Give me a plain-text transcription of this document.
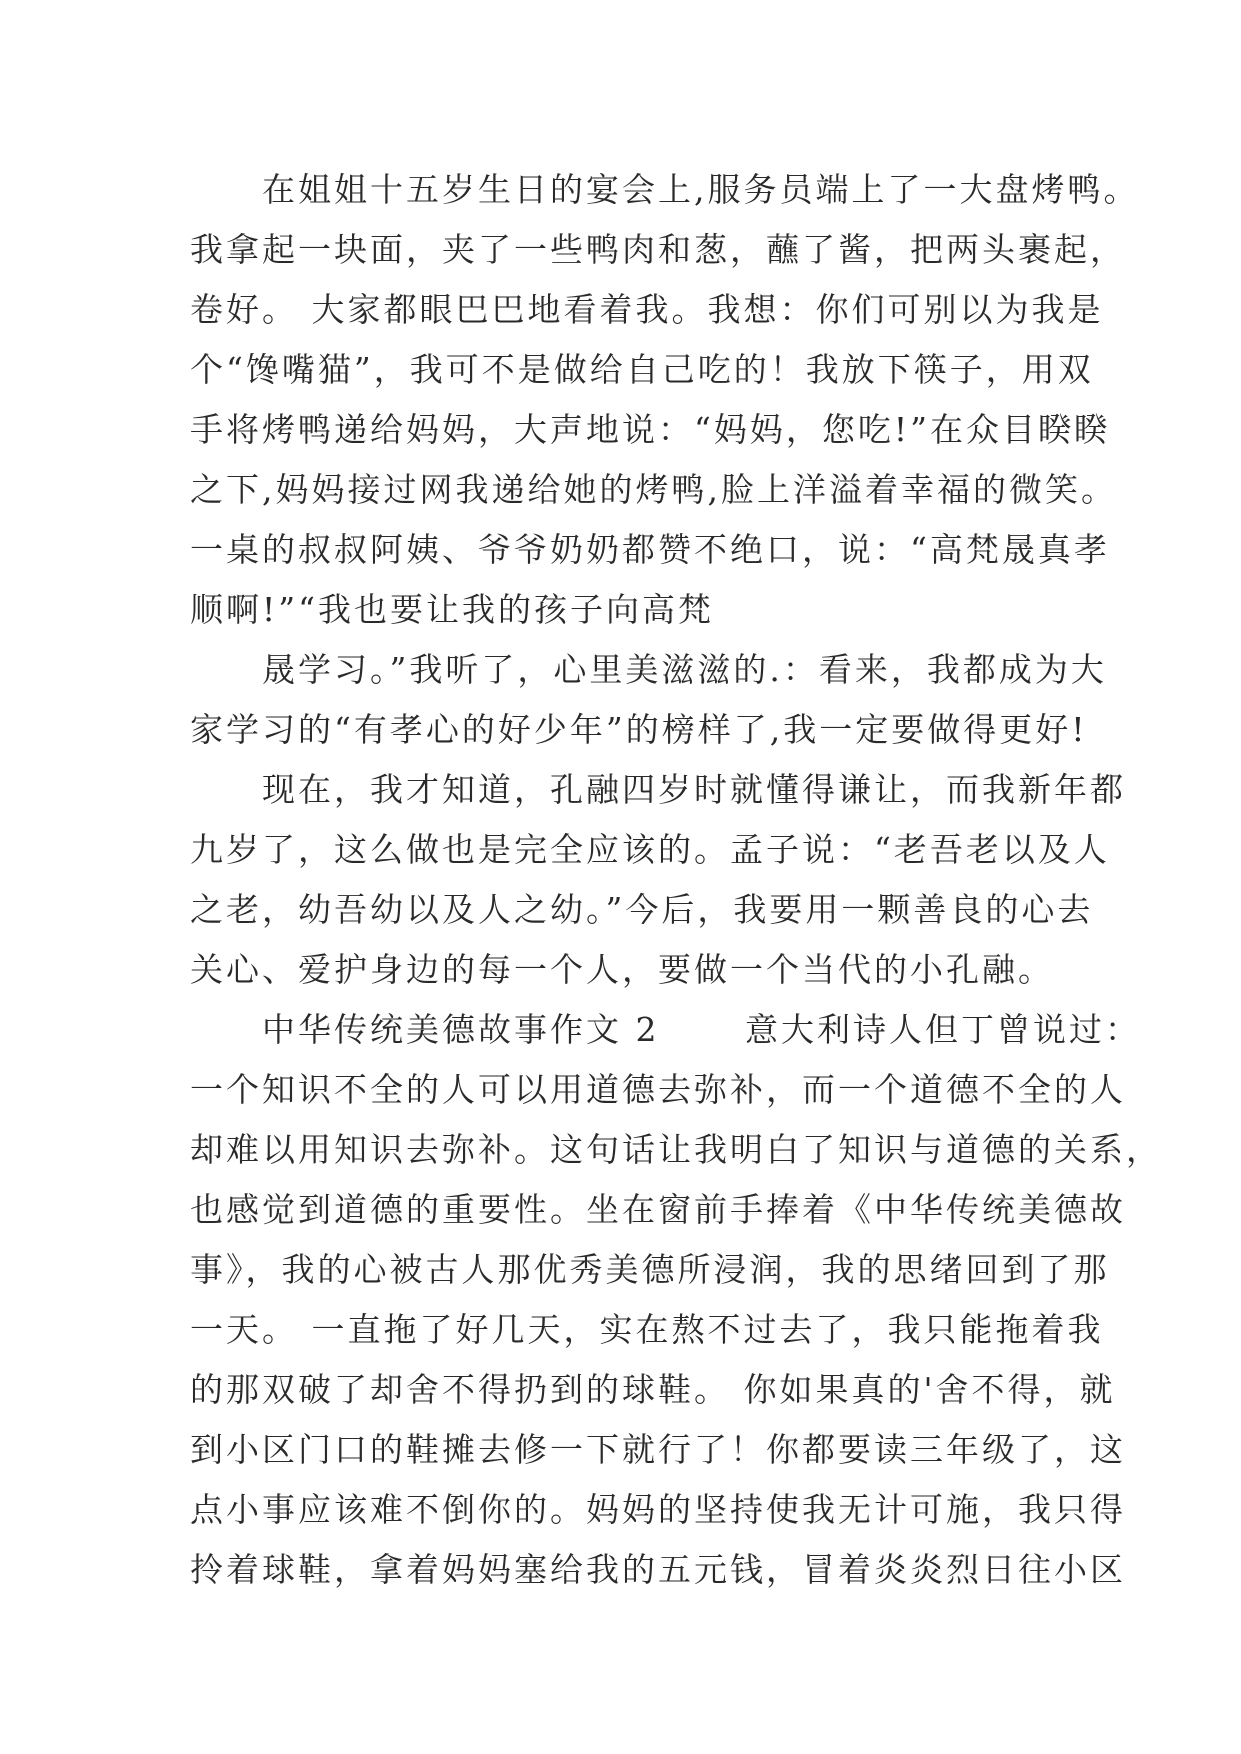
　　在姐姐十五岁生日的宴会上,服务员端上了一大盘烤鸭。
我拿起一块面，夹了一些鸭肉和葱，蘸了酱，把两头裹起，
卷好。 大家都眼巴巴地看着我。我想：你们可别以为我是
个“馋嘴猫”，我可不是做给自己吃的！我放下筷子，用双
手将烤鸭递给妈妈，大声地说：“妈妈，您吃!”在众目睽睽
之下,妈妈接过网我递给她的烤鸭,脸上洋溢着幸福的微笑。
一桌的叔叔阿姨、爷爷奶奶都赞不绝口，说：“高梵晟真孝
顺啊!”“我也要让我的孩子向高梵
　　晟学习。”我听了，心里美滋滋的.：看来，我都成为大
家学习的“有孝心的好少年”的榜样了,我一定要做得更好!
　　现在，我才知道，孔融四岁时就懂得谦让，而我新年都
九岁了，这么做也是完全应该的。孟子说：“老吾老以及人
之老，幼吾幼以及人之幼。”今后，我要用一颗善良的心去
关心、爱护身边的每一个人，要做一个当代的小孔融。
　　中华传统美德故事作文 2　　 意大利诗人但丁曾说过：
一个知识不全的人可以用道德去弥补，而一个道德不全的人
却难以用知识去弥补。这句话让我明白了知识与道德的关系，
也感觉到道德的重要性。坐在窗前手捧着《中华传统美德故
事》，我的心被古人那优秀美德所浸润，我的思绪回到了那
一天。 一直拖了好几天，实在熬不过去了，我只能拖着我
的那双破了却舍不得扔到的球鞋。 你如果真的'舍不得，就
到小区门口的鞋摊去修一下就行了！你都要读三年级了，这
点小事应该难不倒你的。妈妈的坚持使我无计可施，我只得
拎着球鞋，拿着妈妈塞给我的五元钱，冒着炎炎烈日往小区
